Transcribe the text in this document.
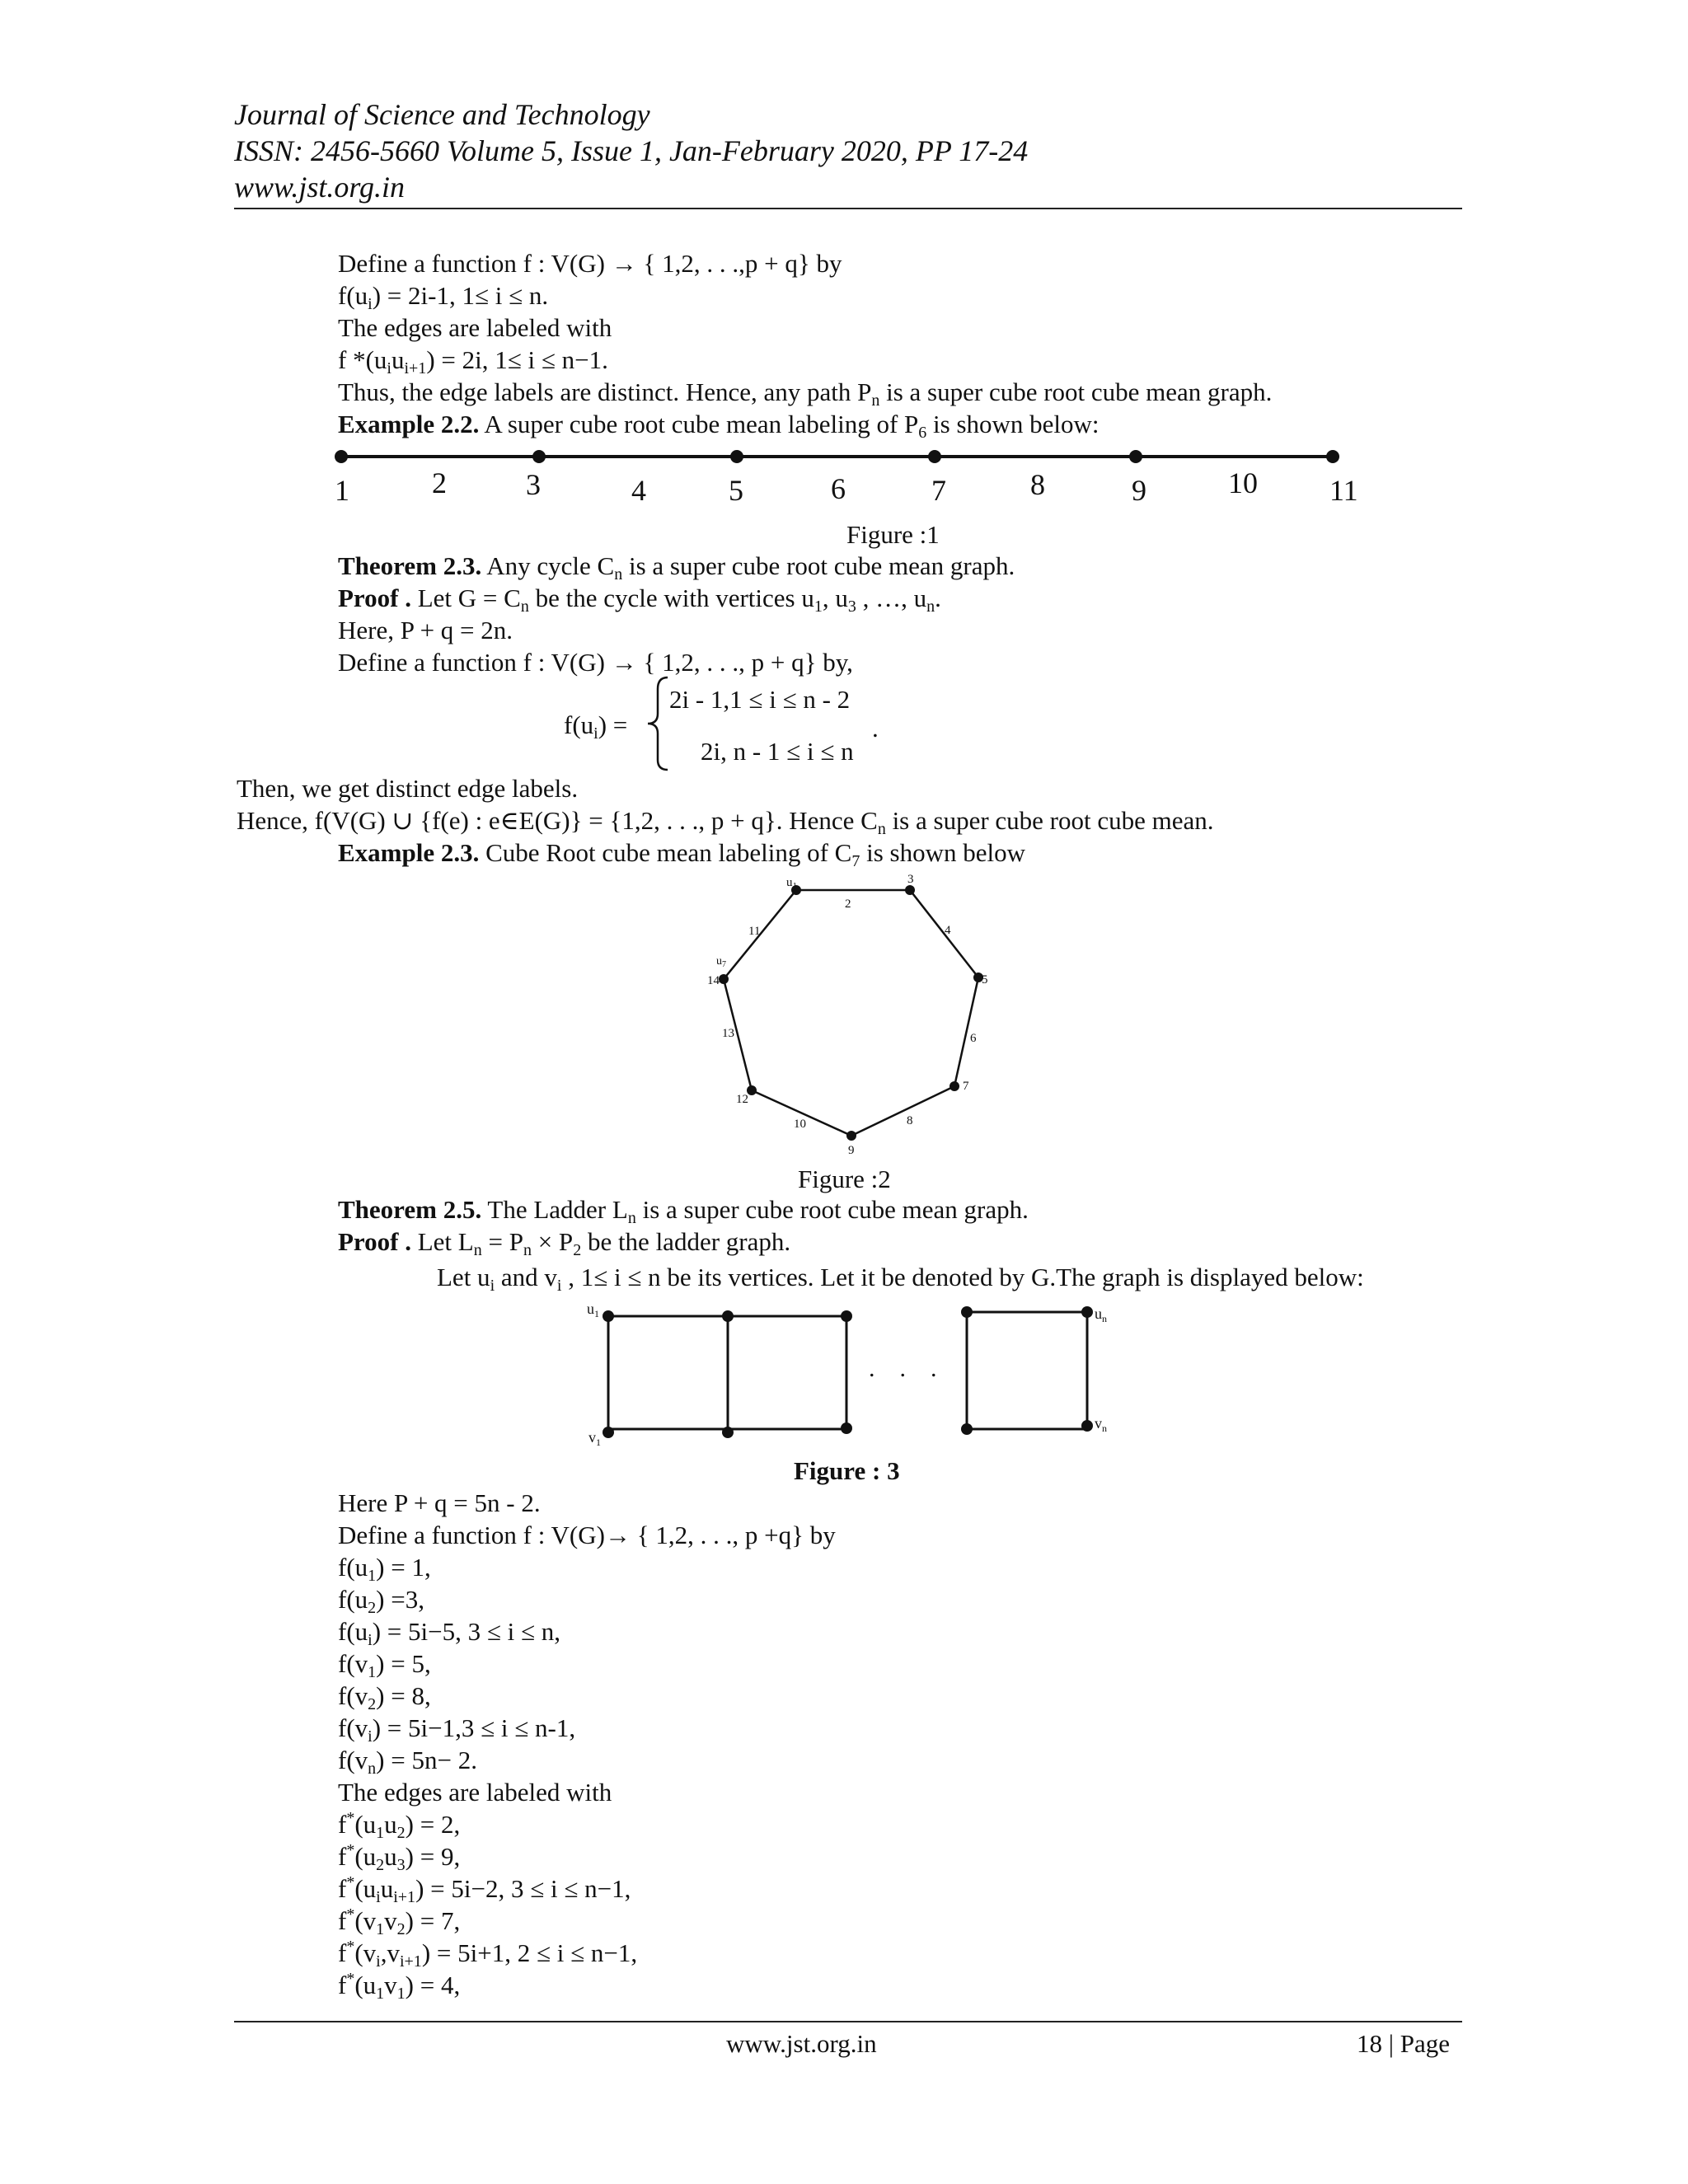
Journal of Science and Technology
ISSN: 2456-5660 Volume 5, Issue 1, Jan-February 2020, PP 17-24
www.jst.org.in
Define a function f : V(G) → { 1,2, . . .,p + q} by
$f(u_i) = 2i-1$, 1≤ i ≤ n.
The edges are labeled with
f $*(u_iu_{i+1}) = 2i$, 1≤ i ≤ n−1.
Thus, the edge labels are distinct. Hence, any path $P_n$ is a super cube root cube mean graph.
Example 2.2. A super cube root cube mean labeling of $P_6$ is shown below:
1	3	5	7	9	11
2	4	6	8	10
Figure :1
Theorem 2.3. Any cycle $C_n$ is a super cube root cube mean graph.
Proof . Let $G = C_n$ be the cycle with vertices $u_1$, $u_3$ , …, $u_n$.
Here, P + q = 2n.
Define a function f : V(G) → { 1,2, . . ., p + q} by,
$f(u_i)$ =
2i - 1,1 ≤ i ≤ n - 2
2i, n - 1 ≤ i ≤ n
.
Then, we get distinct edge labels.
Hence, f(V(G) ∪ {f(e) : e∈E(G)} = {1,2, . . ., p + q}. Hence $C_n$ is a super cube root cube mean.
Example 2.3. Cube Root cube mean labeling of $C_7$ is shown below
$u_1$
$u_7$
3
5
7
9
12
14
2
4
6
8
10
13
11
Figure :2
Theorem 2.5. The Ladder $L_n$ is a super cube root cube mean graph.
Proof . Let $L_n = P_n \times P_2$ be the ladder graph.
Let $u_i$ and $v_i$ , 1≤ i ≤ n be its vertices. Let it be denoted by G.The graph is displayed below:
$u_1$
$v_1$
$u_n$
$v_n$
.    .    .
Figure : 3
Here P + q = 5n - 2.
Define a function f : V(G)→ { 1,2, . . ., p +q} by
$f(u_1) = 1$,
$f(u_2) =3$,
$f(u_i) = 5i-5$, 3 ≤ i ≤ n,
$f(v_1) = 5$,
$f(v_2) = 8$,
$f(v_i) = 5i-1,3 \le i \le n-1$,
$f(v_n) = 5n- 2$.
The edges are labeled with
$f^*(u_1u_2) = 2$,
$f^*(u_2u_3) = 9$,
$f^*(u_iu_{i+1}) = 5i-2$, 3 ≤ i ≤ n−1,
$f^*(v_1v_2) = 7$,
$f^*(v_i,v_{i+1}) = 5i+1$, 2 ≤ i ≤ n−1,
$f^*(u_1v_1) = 4$,
www.jst.org.in	18 | Page
